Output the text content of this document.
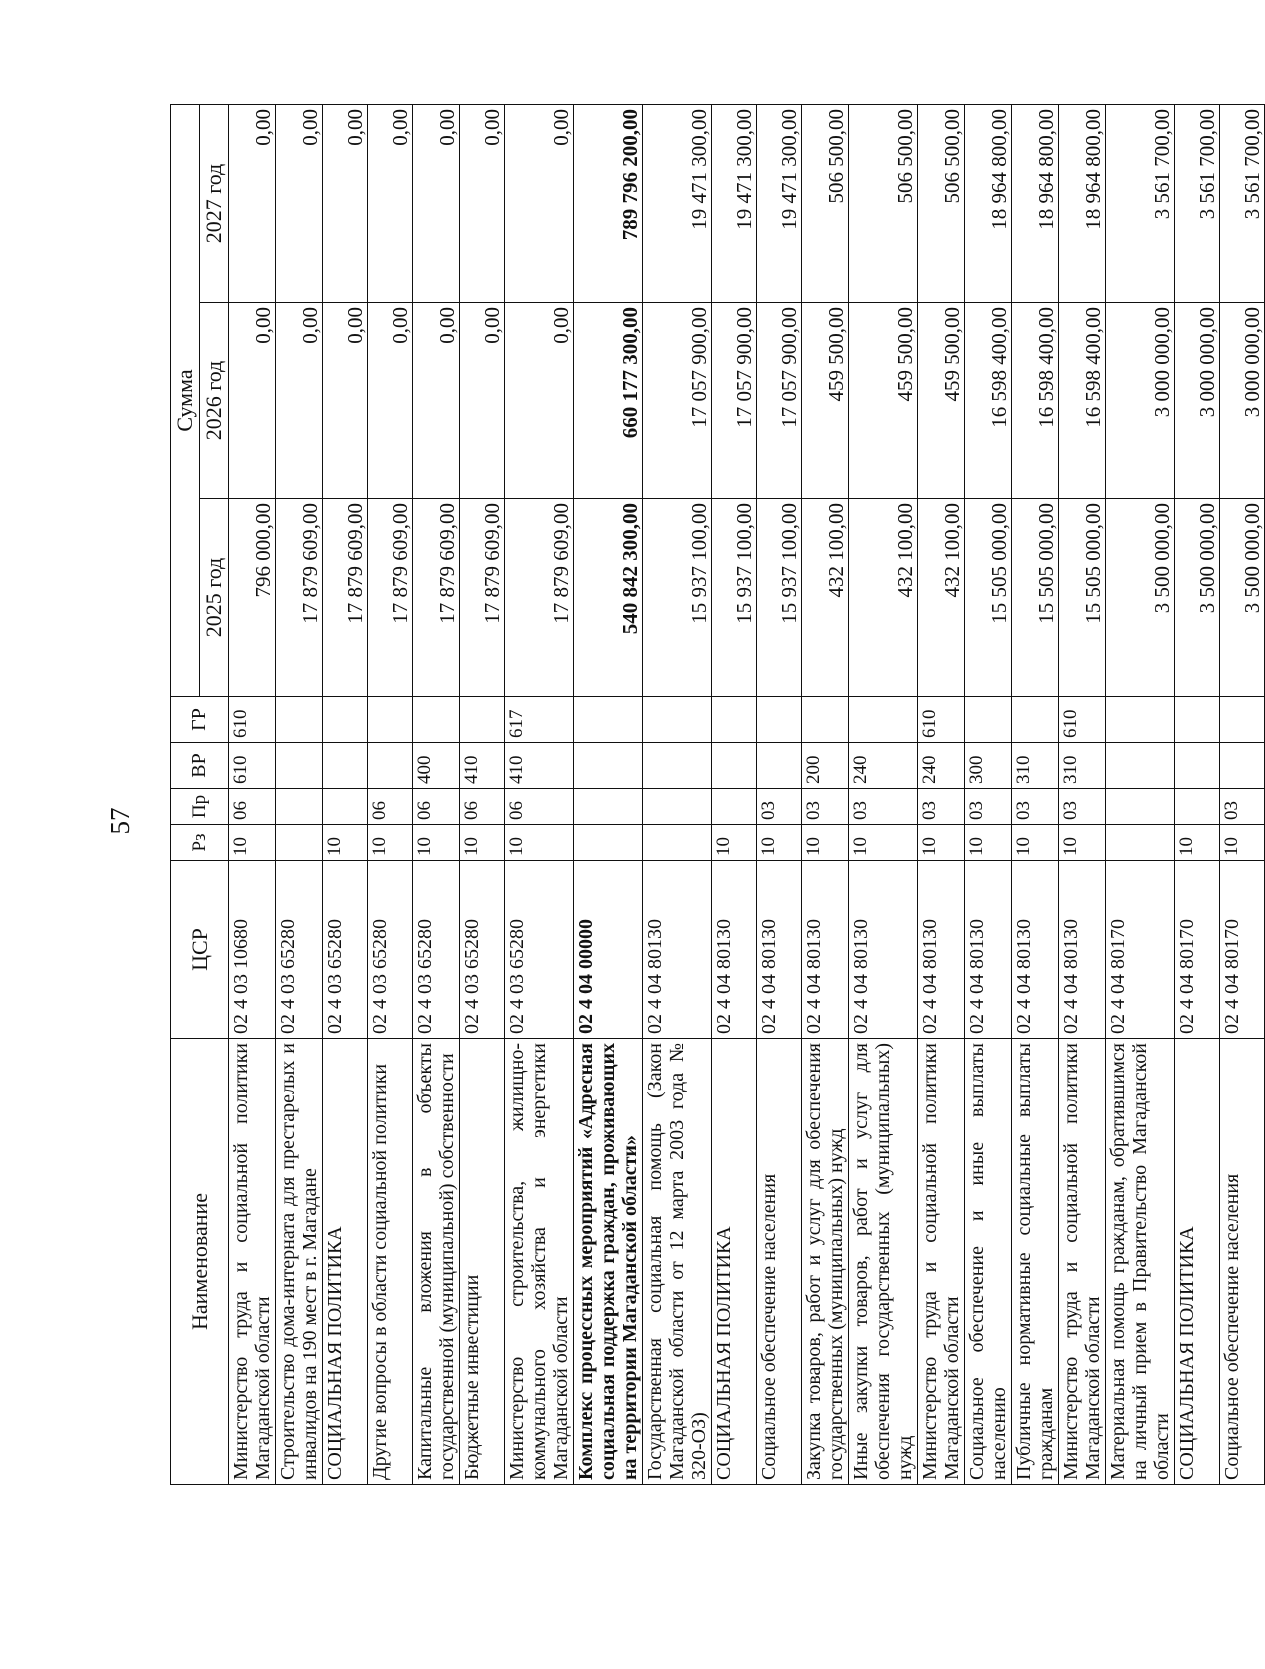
57
Наименование	ЦСР	Рз	Пр	ВР	ГР	Сумма		
						2025 год	2026 год	2027 год
Министерство труда и социальной политики Магаданской области	02 4 03 10680	10	06	610	610	796 000,00	0,00	0,00
Строительство дома-интерната для престарелых и инвалидов на 190 мест в г. Магадане	02 4 03 65280					17 879 609,00	0,00	0,00
СОЦИАЛЬНАЯ ПОЛИТИКА	02 4 03 65280	10				17 879 609,00	0,00	0,00
Другие вопросы в области социальной политики	02 4 03 65280	10	06			17 879 609,00	0,00	0,00
Капитальные вложения в объекты государственной (муниципальной) собственности	02 4 03 65280	10	06	400		17 879 609,00	0,00	0,00
Бюджетные инвестиции	02 4 03 65280	10	06	410		17 879 609,00	0,00	0,00
Министерство строительства, жилищно-коммунального хозяйства и энергетики Магаданской области	02 4 03 65280	10	06	410	617	17 879 609,00	0,00	0,00
Комплекс процессных мероприятий «Адресная социальная поддержка граждан, проживающих на территории Магаданской области»	02 4 04 00000					540 842 300,00	660 177 300,00	789 796 200,00
Государственная социальная помощь (Закон Магаданской области от 12 марта 2003 года № 320-ОЗ)	02 4 04 80130					15 937 100,00	17 057 900,00	19 471 300,00
СОЦИАЛЬНАЯ ПОЛИТИКА	02 4 04 80130	10				15 937 100,00	17 057 900,00	19 471 300,00
Социальное обеспечение населения	02 4 04 80130	10	03			15 937 100,00	17 057 900,00	19 471 300,00
Закупка товаров, работ и услуг для обеспечения государственных (муниципальных) нужд	02 4 04 80130	10	03	200		432 100,00	459 500,00	506 500,00
Иные закупки товаров, работ и услуг для обеспечения государственных (муниципальных) нужд	02 4 04 80130	10	03	240		432 100,00	459 500,00	506 500,00
Министерство труда и социальной политики Магаданской области	02 4 04 80130	10	03	240	610	432 100,00	459 500,00	506 500,00
Социальное обеспечение и иные выплаты населению	02 4 04 80130	10	03	300		15 505 000,00	16 598 400,00	18 964 800,00
Публичные нормативные социальные выплаты гражданам	02 4 04 80130	10	03	310		15 505 000,00	16 598 400,00	18 964 800,00
Министерство труда и социальной политики Магаданской области	02 4 04 80130	10	03	310	610	15 505 000,00	16 598 400,00	18 964 800,00
Материальная помощь гражданам, обратившимся на личный прием в Правительство Магаданской области	02 4 04 80170					3 500 000,00	3 000 000,00	3 561 700,00
СОЦИАЛЬНАЯ ПОЛИТИКА	02 4 04 80170	10				3 500 000,00	3 000 000,00	3 561 700,00
Социальное обеспечение населения	02 4 04 80170	10	03			3 500 000,00	3 000 000,00	3 561 700,00
